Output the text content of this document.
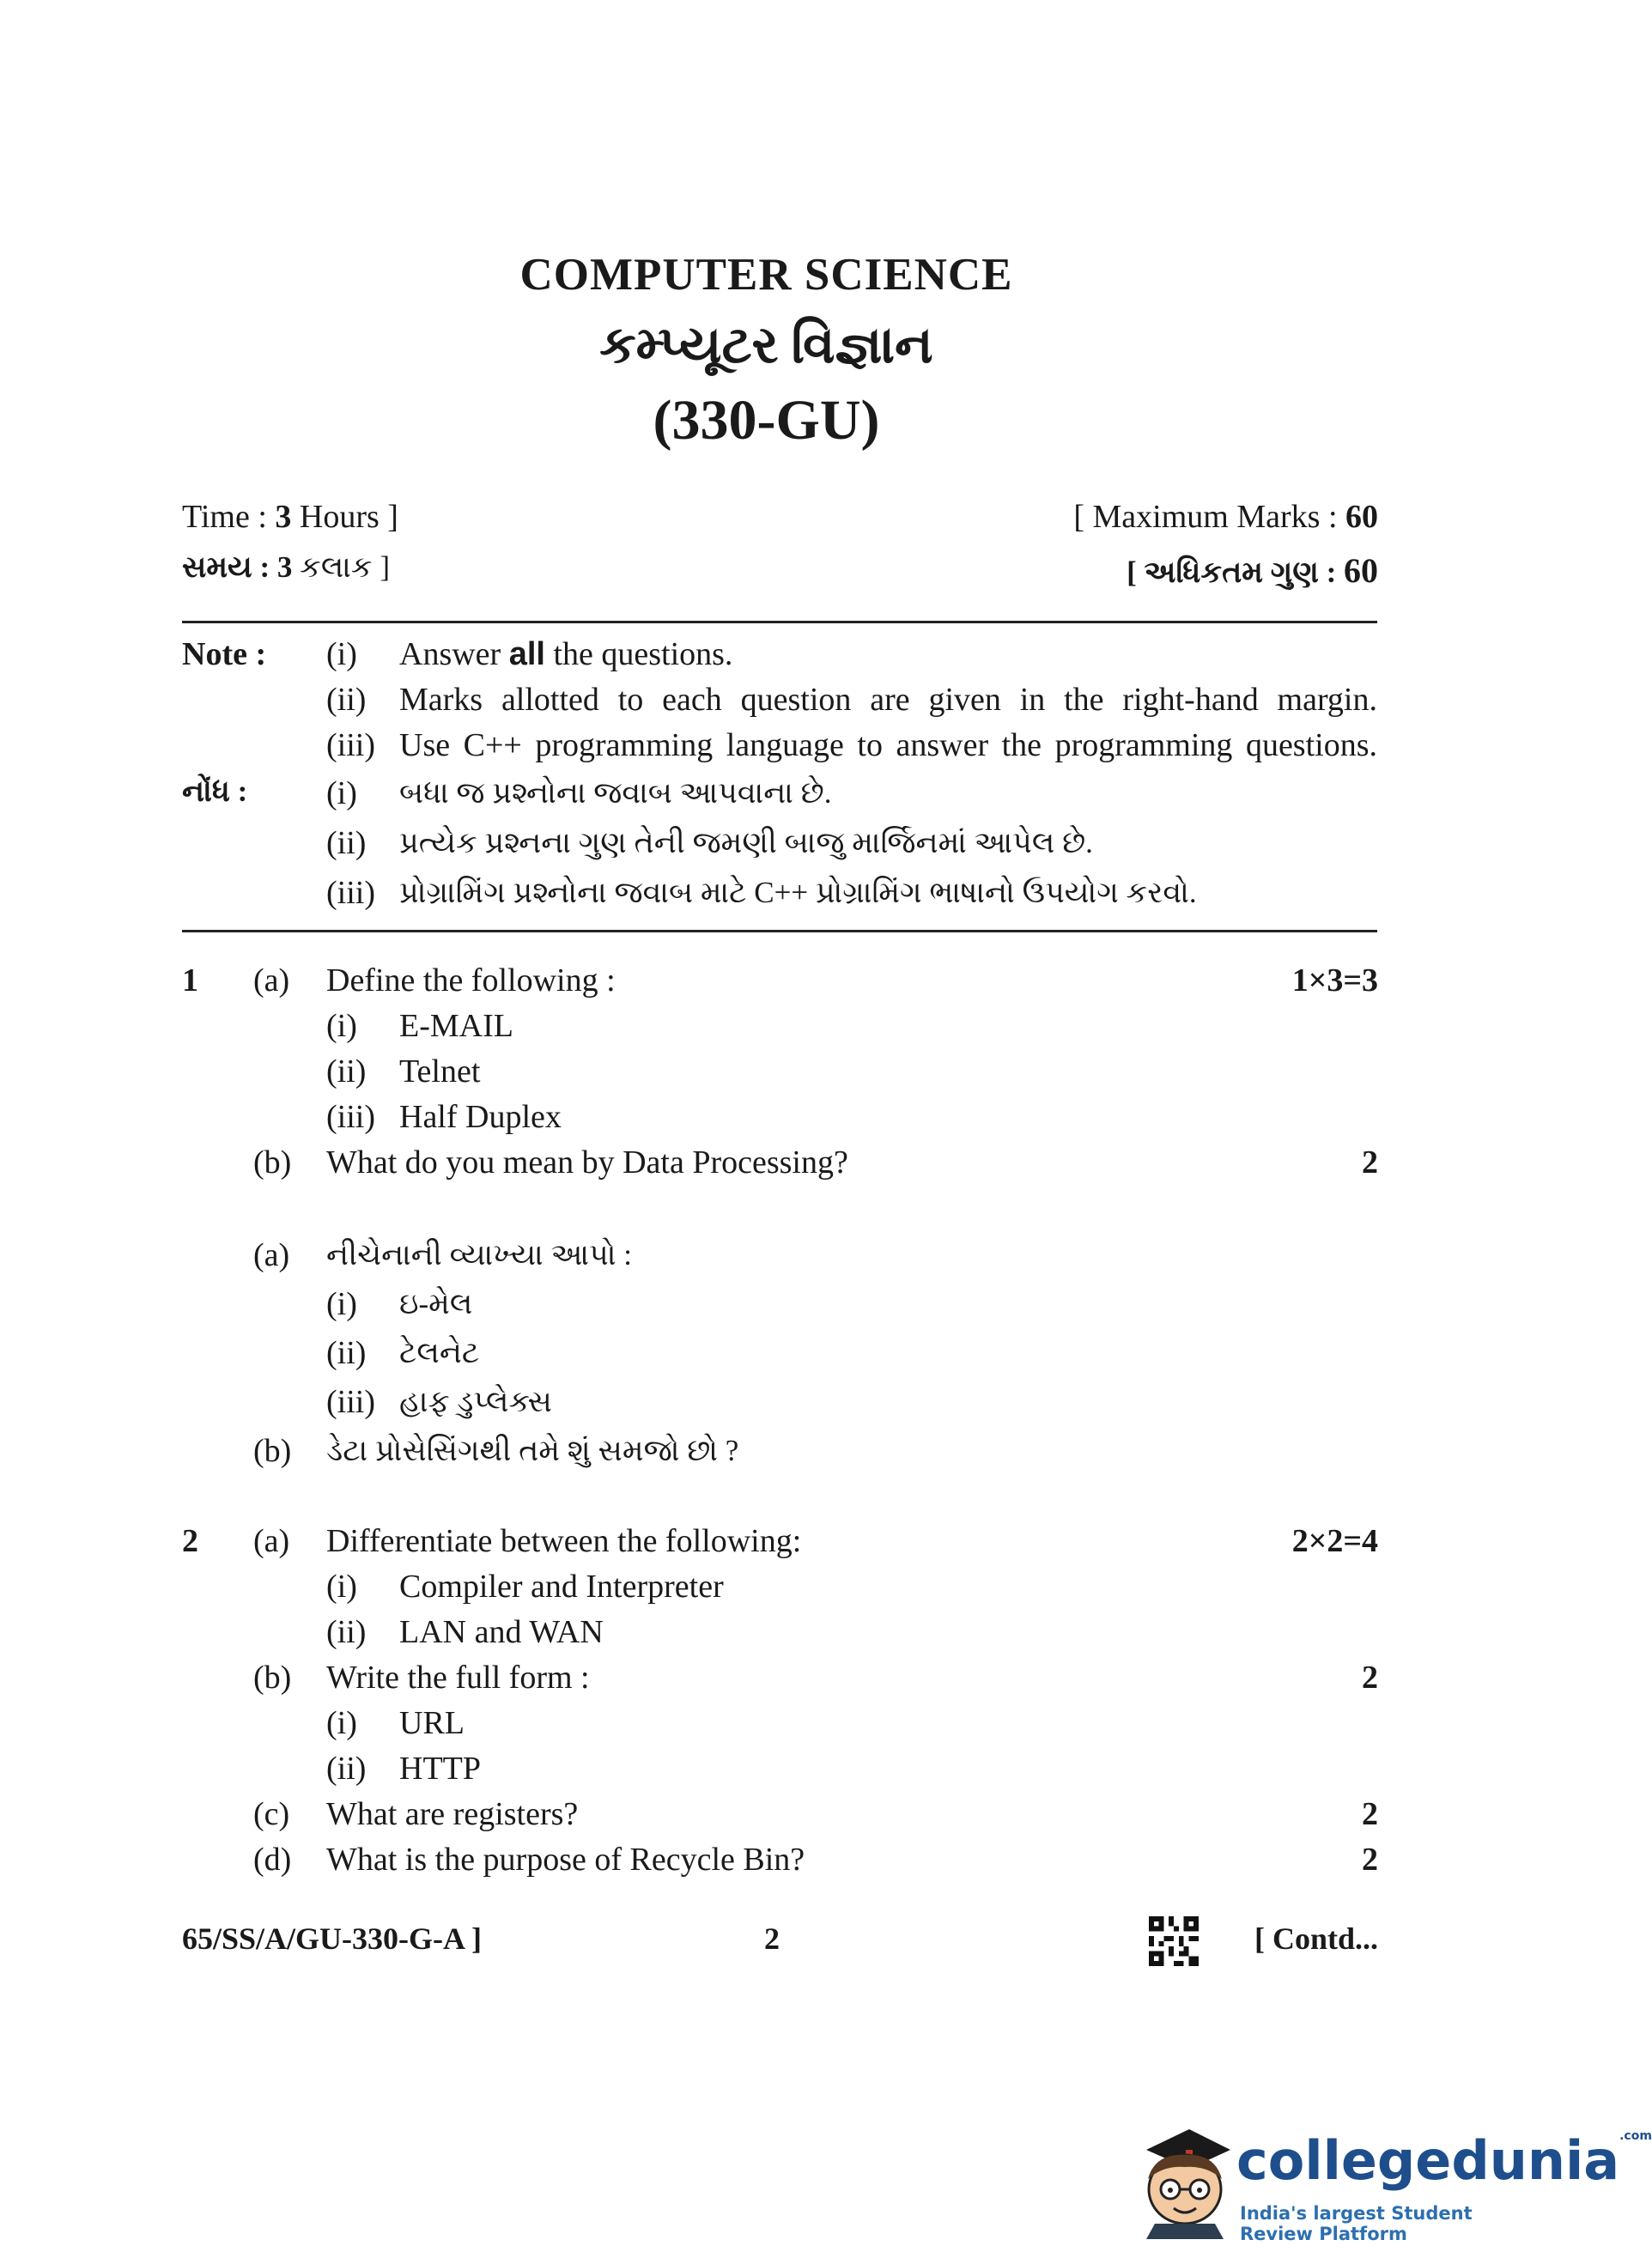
COMPUTER SCIENCE
કમ્પ્યૂટર વિજ્ઞાન
(330-GU)
Time : 3 Hours ]	[ Maximum Marks : 60
સમય : 3 કલાક ]	[ અધિકતમ ગુણ : 60
Note : (i) Answer all the questions.
(ii) Marks allotted to each question are given in the right-hand margin.
(iii) Use C++ programming language to answer the programming questions.
નોંધ : (i) બધા જ પ્રશ્નોના જવાબ આપવાના છે.
(ii) પ્રત્યેક પ્રશ્નના ગુણ તેની જમણી બાજુ માર્જિનમાં આપેલ છે.
(iii) પ્રોગ્રામિંગ પ્રશ્નોના જવાબ માટે C++ પ્રોગ્રામિંગ ભાષાનો ઉપયોગ કરવો.
1 (a) Define the following :	1×3=3
(i) E-MAIL
(ii) Telnet
(iii) Half Duplex
(b) What do you mean by Data Processing?	2
(a) નીચેનાની વ્યાખ્યા આપો :
(i) ઇ-મેલ
(ii) ટેલનેટ
(iii) હાફ ડુપ્લેક્સ
(b) ડેટા પ્રોસેસિંગથી તમે શું સમજો છો ?
2 (a) Differentiate between the following:	2×2=4
(i) Compiler and Interpreter
(ii) LAN and WAN
(b) Write the full form :	2
(i) URL
(ii) HTTP
(c) What are registers?	2
(d) What is the purpose of Recycle Bin?	2
65/SS/A/GU-330-G-A ]	2	[ Contd...
collegedunia$^{.com}$
India's largest Student Review Platform
